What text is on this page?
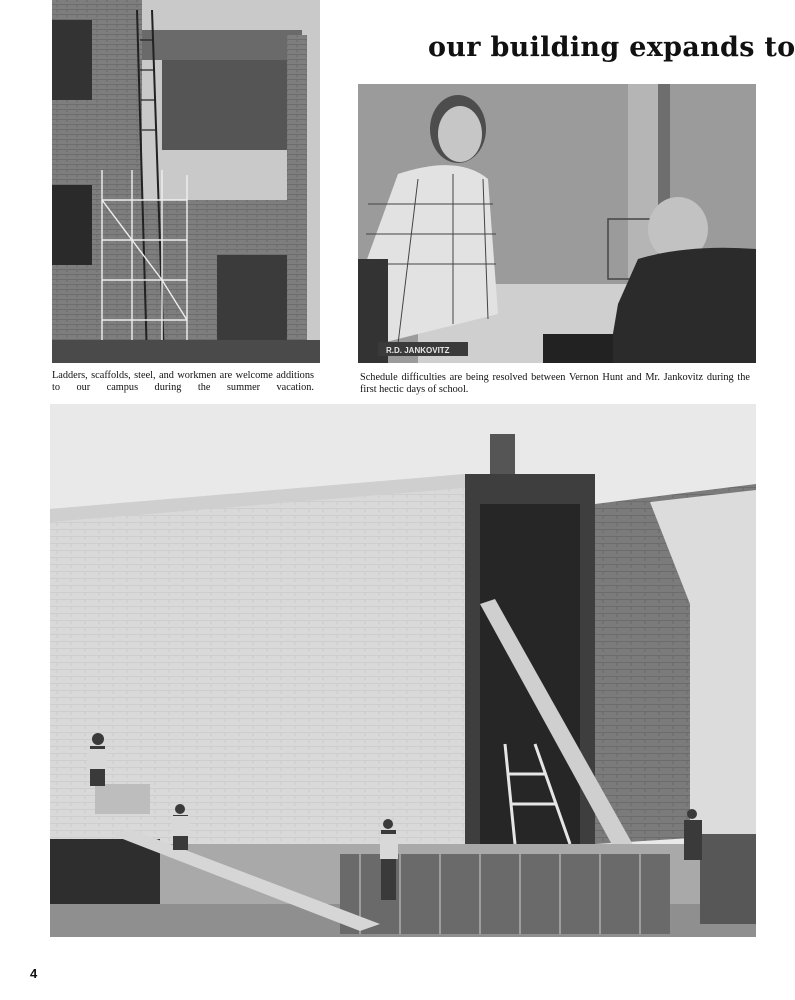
our building expands to

Ladders, scaffolds, steel, and workmen are welcome additions to our campus during the summer vacation.

R.D. JANKOVITZ

Schedule difficulties are being resolved between Vernon Hunt and Mr. Jankovitz during the first hectic days of school.

4
